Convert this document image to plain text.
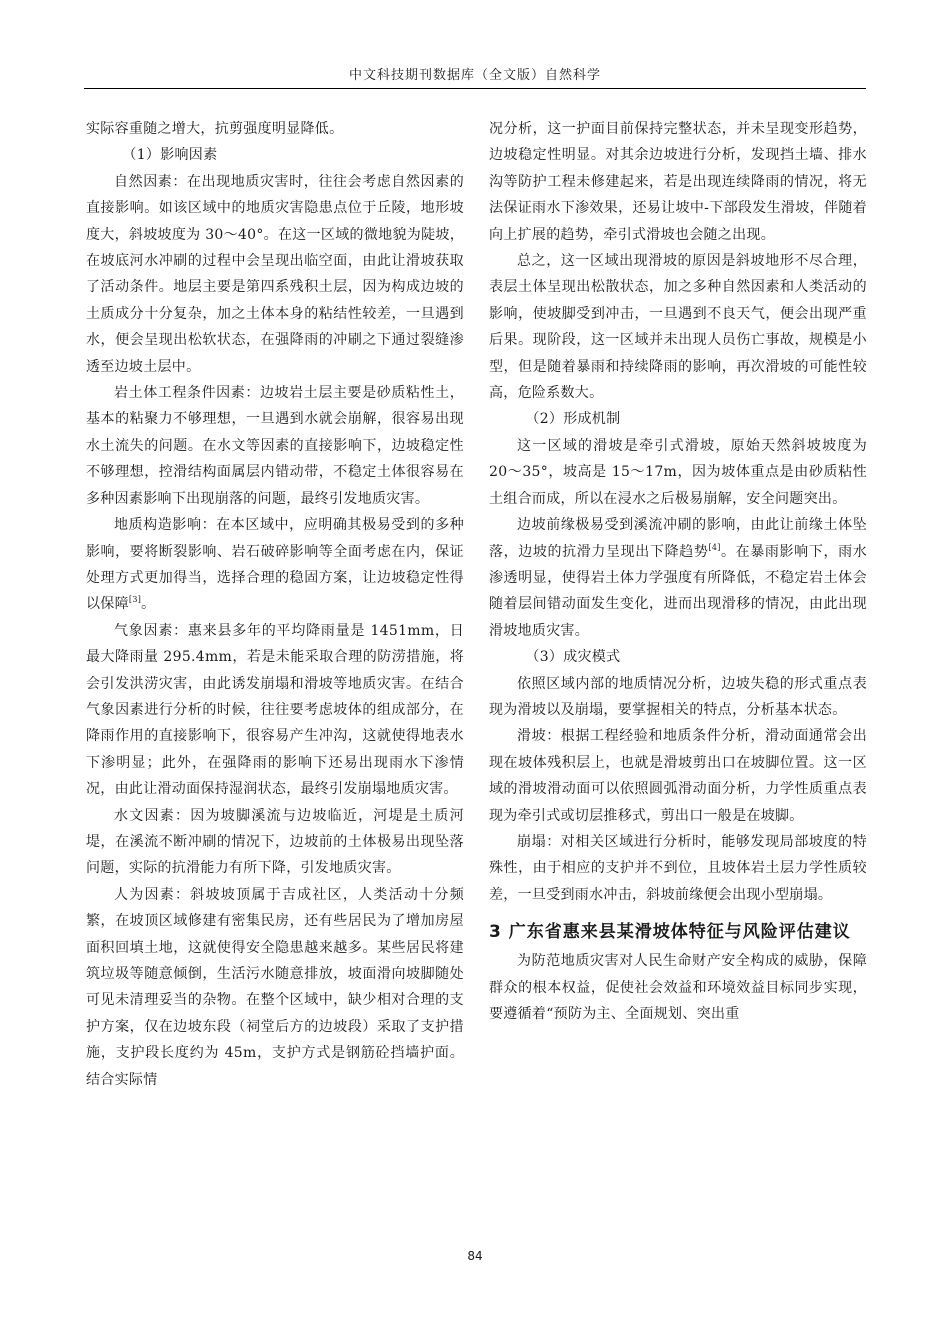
中文科技期刊数据库（全文版）自然科学

实际容重随之增大，抗剪强度明显降低。

（1）影响因素

自然因素：在出现地质灾害时，往往会考虑自然因素的直接影响。如该区域中的地质灾害隐患点位于丘陵，地形坡度大，斜坡坡度为 30～40°。在这一区域的微地貌为陡坡，在坡底河水冲刷的过程中会呈现出临空面，由此让滑坡获取了活动条件。地层主要是第四系残积土层，因为构成边坡的土质成分十分复杂，加之土体本身的粘结性较差，一旦遇到水，便会呈现出松软状态，在强降雨的冲刷之下通过裂缝渗透至边坡土层中。

岩土体工程条件因素：边坡岩土层主要是砂质粘性土，基本的粘聚力不够理想，一旦遇到水就会崩解，很容易出现水土流失的问题。在水文等因素的直接影响下，边坡稳定性不够理想，控滑结构面属层内错动带，不稳定土体很容易在多种因素影响下出现崩落的问题，最终引发地质灾害。

地质构造影响：在本区域中，应明确其极易受到的多种影响，要将断裂影响、岩石破碎影响等全面考虑在内，保证处理方式更加得当，选择合理的稳固方案，让边坡稳定性得以保障[3]。

气象因素：惠来县多年的平均降雨量是 1451mm，日最大降雨量 295.4mm，若是未能采取合理的防涝措施，将会引发洪涝灾害，由此诱发崩塌和滑坡等地质灾害。在结合气象因素进行分析的时候，往往要考虑坡体的组成部分，在降雨作用的直接影响下，很容易产生冲沟，这就使得地表水下渗明显；此外，在强降雨的影响下还易出现雨水下渗情况，由此让滑动面保持湿润状态，最终引发崩塌地质灾害。

水文因素：因为坡脚溪流与边坡临近，河堤是土质河堤，在溪流不断冲刷的情况下，边坡前的土体极易出现坠落问题，实际的抗滑能力有所下降，引发地质灾害。

人为因素：斜坡坡顶属于吉成社区，人类活动十分频繁，在坡顶区域修建有密集民房，还有些居民为了增加房屋面积回填土地，这就使得安全隐患越来越多。某些居民将建筑垃圾等随意倾倒，生活污水随意排放，坡面滑向坡脚随处可见未清理妥当的杂物。在整个区域中，缺少相对合理的支护方案，仅在边坡东段（祠堂后方的边坡段）采取了支护措施，支护段长度约为 45m，支护方式是钢筋砼挡墙护面。结合实际情

况分析，这一护面目前保持完整状态，并未呈现变形趋势，边坡稳定性明显。对其余边坡进行分析，发现挡土墙、排水沟等防护工程未修建起来，若是出现连续降雨的情况，将无法保证雨水下渗效果，还易让坡中-下部段发生滑坡，伴随着向上扩展的趋势，牵引式滑坡也会随之出现。

总之，这一区域出现滑坡的原因是斜坡地形不尽合理，表层土体呈现出松散状态，加之多种自然因素和人类活动的影响，使坡脚受到冲击，一旦遇到不良天气，便会出现严重后果。现阶段，这一区域并未出现人员伤亡事故，规模是小型，但是随着暴雨和持续降雨的影响，再次滑坡的可能性较高，危险系数大。

（2）形成机制

这一区域的滑坡是牵引式滑坡，原始天然斜坡坡度为 20～35°，坡高是 15～17m，因为坡体重点是由砂质粘性土组合而成，所以在浸水之后极易崩解，安全问题突出。

边坡前缘极易受到溪流冲刷的影响，由此让前缘土体坠落，边坡的抗滑力呈现出下降趋势[4]。在暴雨影响下，雨水渗透明显，使得岩土体力学强度有所降低，不稳定岩土体会随着层间错动面发生变化，进而出现滑移的情况，由此出现滑坡地质灾害。

（3）成灾模式

依照区域内部的地质情况分析，边坡失稳的形式重点表现为滑坡以及崩塌，要掌握相关的特点，分析基本状态。

滑坡：根据工程经验和地质条件分析，滑动面通常会出现在坡体残积层上，也就是滑坡剪出口在坡脚位置。这一区域的滑坡滑动面可以依照圆弧滑动面分析，力学性质重点表现为牵引式或切层推移式，剪出口一般是在坡脚。

崩塌：对相关区域进行分析时，能够发现局部坡度的特殊性，由于相应的支护并不到位，且坡体岩土层力学性质较差，一旦受到雨水冲击，斜坡前缘便会出现小型崩塌。

3 广东省惠来县某滑坡体特征与风险评估建议

为防范地质灾害对人民生命财产安全构成的威胁，保障群众的根本权益，促使社会效益和环境效益目标同步实现，要遵循着“预防为主、全面规划、突出重

84
